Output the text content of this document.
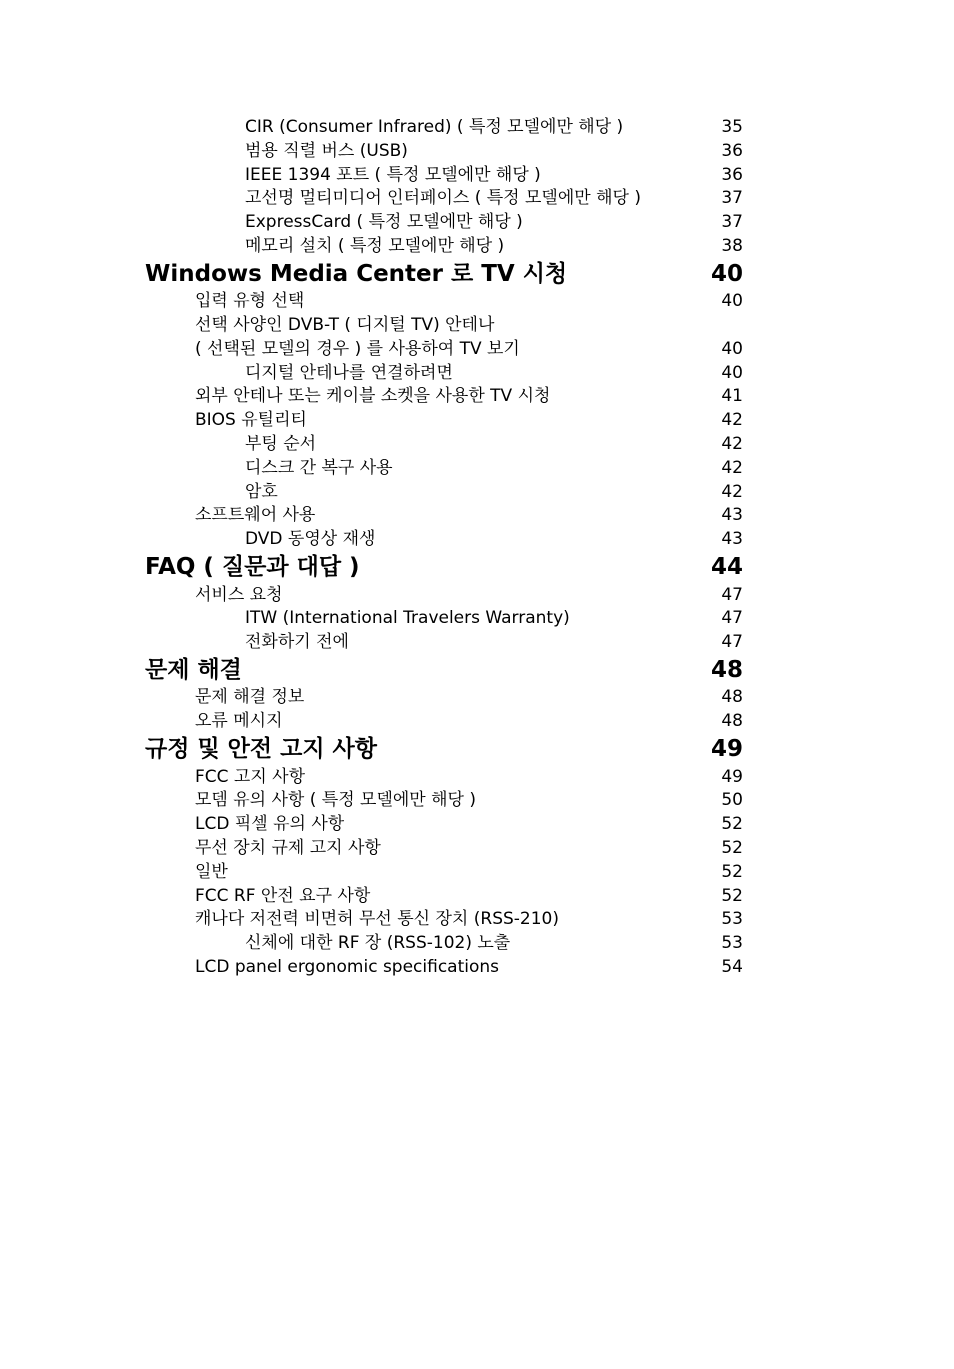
CIR (Consumer Infrared) ( 특정 모델에만 해당 )	35
범용 직렬 버스 (USB)	36
IEEE 1394 포트 ( 특정 모델에만 해당 )	36
고선명 멀티미디어 인터페이스 ( 특정 모델에만 해당 )	37
ExpressCard ( 특정 모델에만 해당 )	37
메모리 설치 ( 특정 모델에만 해당 )	38
Windows Media Center 로 TV 시청	40
입력 유형 선택	40
선택 사양인 DVB-T ( 디지털 TV) 안테나
( 선택된 모델의 경우 ) 를 사용하여 TV 보기	40
디지털 안테나를 연결하려면	40
외부 안테나 또는 케이블 소켓을 사용한 TV 시청	41
BIOS 유틸리티	42
부팅 순서	42
디스크 간 복구 사용	42
암호	42
소프트웨어 사용	43
DVD 동영상 재생	43
FAQ ( 질문과 대답 )	44
서비스 요청	47
ITW (International Travelers Warranty)	47
전화하기 전에	47
문제 해결	48
문제 해결 정보	48
오류 메시지	48
규정 및 안전 고지 사항	49
FCC 고지 사항	49
모뎀 유의 사항 ( 특정 모델에만 해당 )	50
LCD 픽셀 유의 사항	52
무선 장치 규제 고지 사항	52
일반	52
FCC RF 안전 요구 사항	52
캐나다 저전력 비면허 무선 통신 장치 (RSS-210)	53
신체에 대한 RF 장 (RSS-102) 노출	53
LCD panel ergonomic specifications	54
